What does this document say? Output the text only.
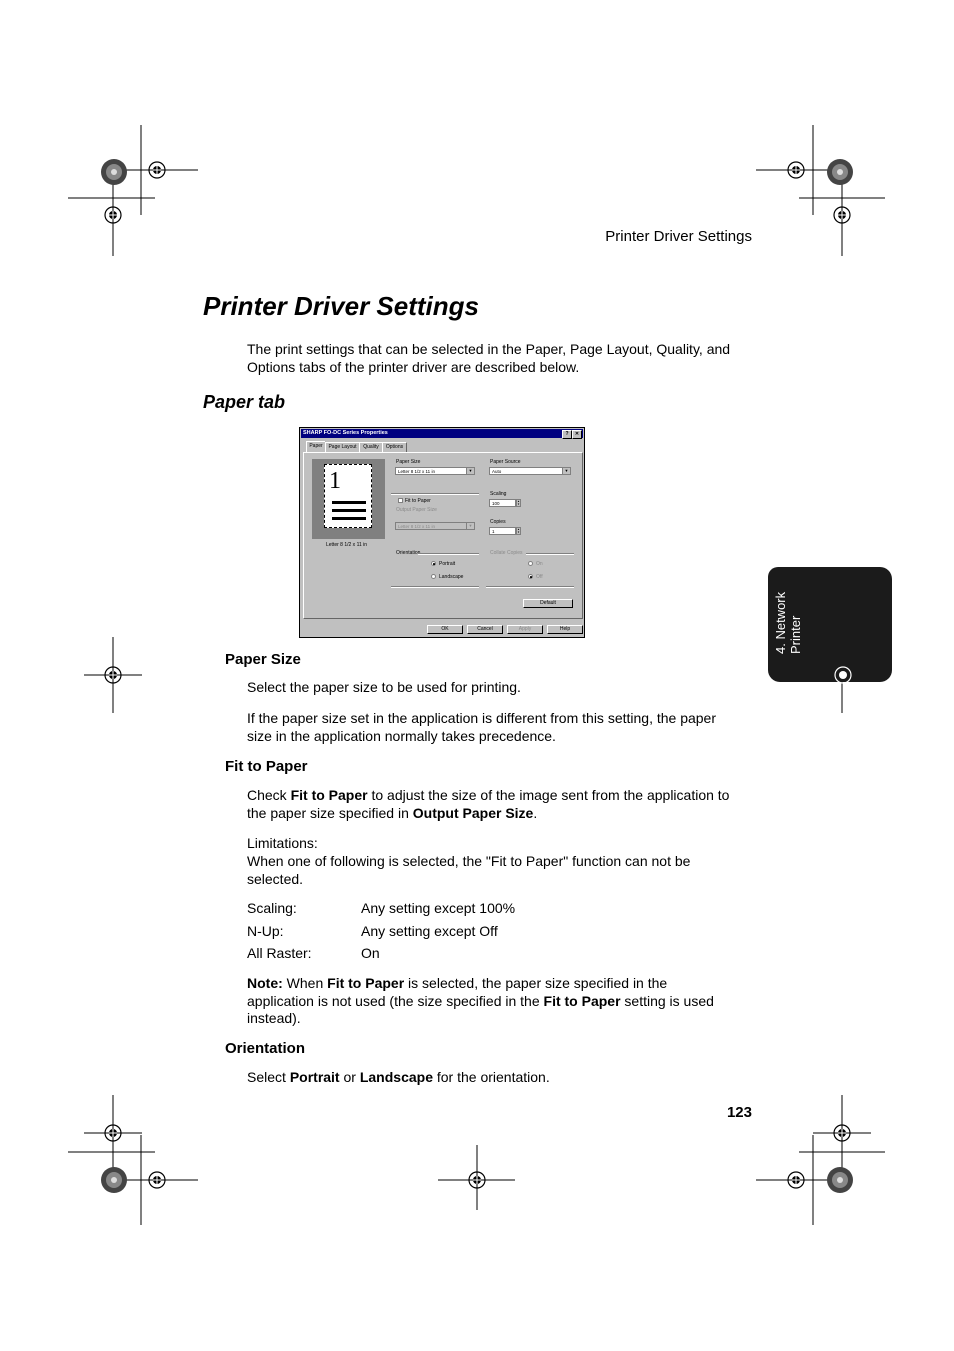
Printer Driver Settings
Printer Driver Settings

The print settings that can be selected in the Paper, Page Layout, Quality, and Options tabs of the printer driver are described below.

Paper tab
4. Network Printer
SHARP FO-DC Series Properties	?	✕
Paper	Page Layout	Quality	Options
1
Letter 8 1/2 x 11 in
Paper Size
Letter 8 1/2 x 11 in	▼
Fit to Paper
Output Paper Size
Letter 8 1/2 x 11 in	▼
Paper Source
Auto	▼
Scaling
100	▴
▾
Copies
1	▴
▾
Orientation
Portrait
Landscape
Collate Copies
On
Off
Default
OK	Cancel	Apply	Help
Paper Size

Select the paper size to be used for printing.

If the paper size set in the application is different from this setting, the paper size in the application normally takes precedence.

Fit to Paper

Check Fit to Paper to adjust the size of the image sent from the application to the paper size specified in Output Paper Size.

Limitations:

When one of following is selected, the "Fit to Paper" function can not be selected.

Scaling:	Any setting except 100%
N-Up:	Any setting except Off
All Raster:	On

Note: When Fit to Paper is selected, the paper size specified in the application is not used (the size specified in the Fit to Paper setting is used instead).

Orientation

Select Portrait or Landscape for the orientation.

123
